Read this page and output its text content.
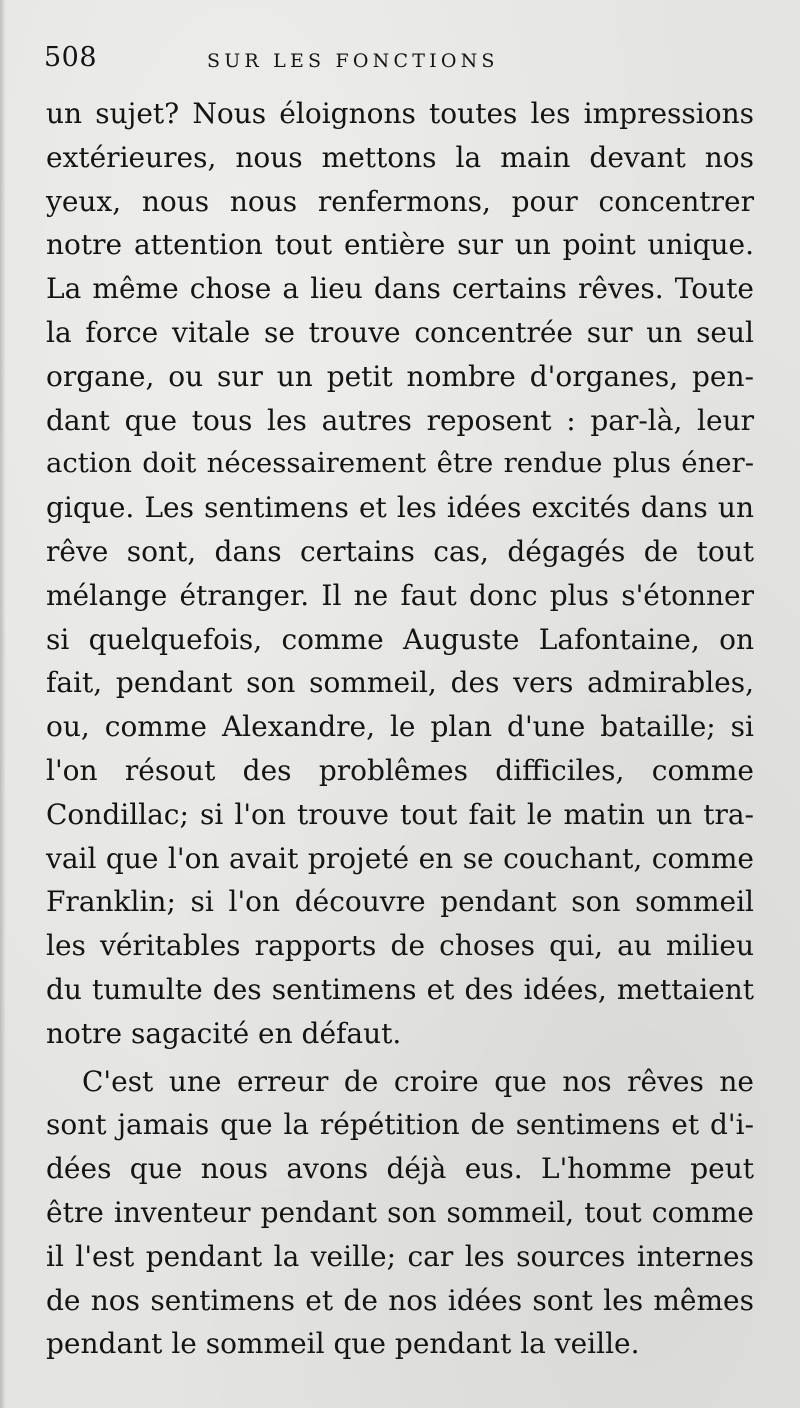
508	SUR LES FONCTIONS
un sujet? Nous éloignons toutes les impressions
extérieures, nous mettons la main devant nos
yeux, nous nous renfermons, pour concentrer
notre attention tout entière sur un point unique.
La même chose a lieu dans certains rêves. Toute
la force vitale se trouve concentrée sur un seul
organe, ou sur un petit nombre d'organes, pen-
dant que tous les autres reposent : par-là, leur
action doit nécessairement être rendue plus éner-
gique. Les sentimens et les idées excités dans un
rêve sont, dans certains cas, dégagés de tout
mélange étranger. Il ne faut donc plus s'étonner
si quelquefois, comme Auguste Lafontaine, on
fait, pendant son sommeil, des vers admirables,
ou, comme Alexandre, le plan d'une bataille; si
l'on résout des problêmes difficiles, comme
Condillac; si l'on trouve tout fait le matin un tra-
vail que l'on avait projeté en se couchant, comme
Franklin; si l'on découvre pendant son sommeil
les véritables rapports de choses qui, au milieu
du tumulte des sentimens et des idées, mettaient
notre sagacité en défaut.
C'est une erreur de croire que nos rêves ne
sont jamais que la répétition de sentimens et d'i-
dées que nous avons déjà eus. L'homme peut
être inventeur pendant son sommeil, tout comme
il l'est pendant la veille; car les sources internes
de nos sentimens et de nos idées sont les mêmes
pendant le sommeil que pendant la veille.
